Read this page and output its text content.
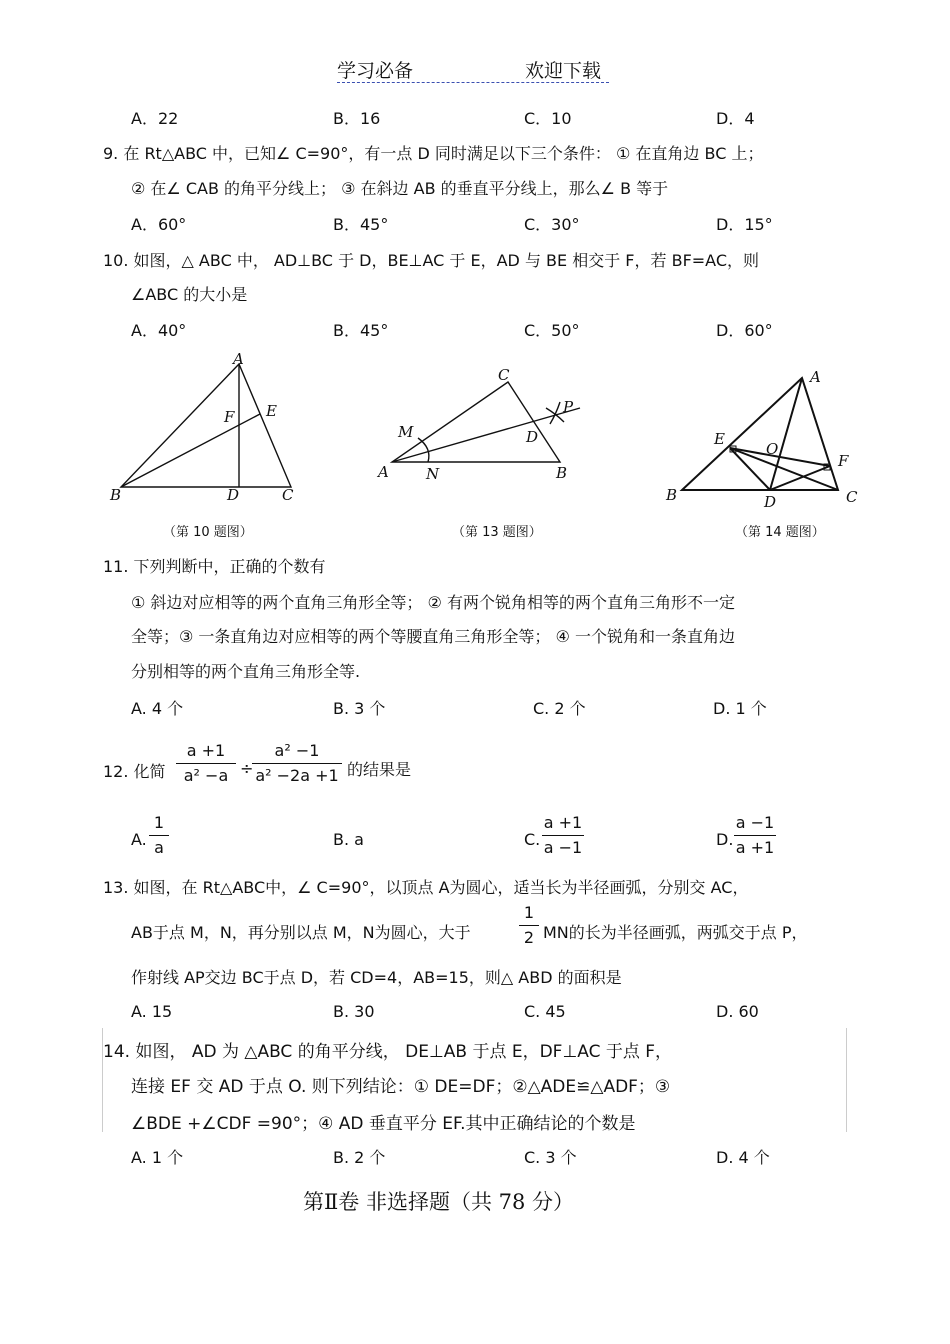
学习必备	欢迎下载
A．22	B．16	C．10	D．4
9. 在 Rt△ABC 中，已知∠ C=90°，有一点 D 同时满足以下三个条件： ① 在直角边 BC 上；
② 在∠ CAB 的角平分线上； ③ 在斜边 AB 的垂直平分线上，那么∠ B 等于
A．60°	B．45°	C．30°	D．15°
10. 如图，△ ABC 中， AD⊥BC 于 D，BE⊥AC 于 E，AD 与 BE 相交于 F，若 BF=AC，则
∠ABC 的大小是
A．40°	B．45°	C．50°	D．60°
A
B	C
D
E
F
（第 10 题图）
A	B
C
D
M
N
P
（第 13 题图）
A
B	C
D
E
F
O
（第 14 题图）
11. 下列判断中，正确的个数有
① 斜边对应相等的两个直角三角形全等； ② 有两个锐角相等的两个直角三角形不一定
全等；③ 一条直角边对应相等的两个等腰直角三角形全等； ④ 一个锐角和一条直角边
分别相等的两个直角三角形全等.
A. 4 个	B. 3 个	C. 2 个	D. 1 个
12. 化简
a +1
a² −a ÷
a² −1
a² −2a +1 的结果是
A.
1
a	B. a	C.
a +1
a −1	D.
a −1
a +1
13. 如图，在 Rt△ABC中，∠ C=90°，以顶点 A为圆心，适当长为半径画弧，分别交 AC，
AB于点 M，N，再分别以点 M，N为圆心，大于
1
2 MN的长为半径画弧，两弧交于点 P，
作射线 AP交边 BC于点 D，若 CD=4，AB=15，则△ ABD 的面积是
A. 15	B. 30	C. 45	D. 60
14. 如图， AD 为 △ABC 的角平分线， DE⊥AB 于点 E，DF⊥AC 于点 F，
连接 EF 交 AD 于点 O. 则下列结论：① DE=DF；②△ADE≌△ADF；③
∠BDE +∠CDF =90°；④ AD 垂直平分 EF.其中正确结论的个数是
A. 1 个	B. 2 个	C. 3 个	D. 4 个
第Ⅱ卷 非选择题（共 78 分）
